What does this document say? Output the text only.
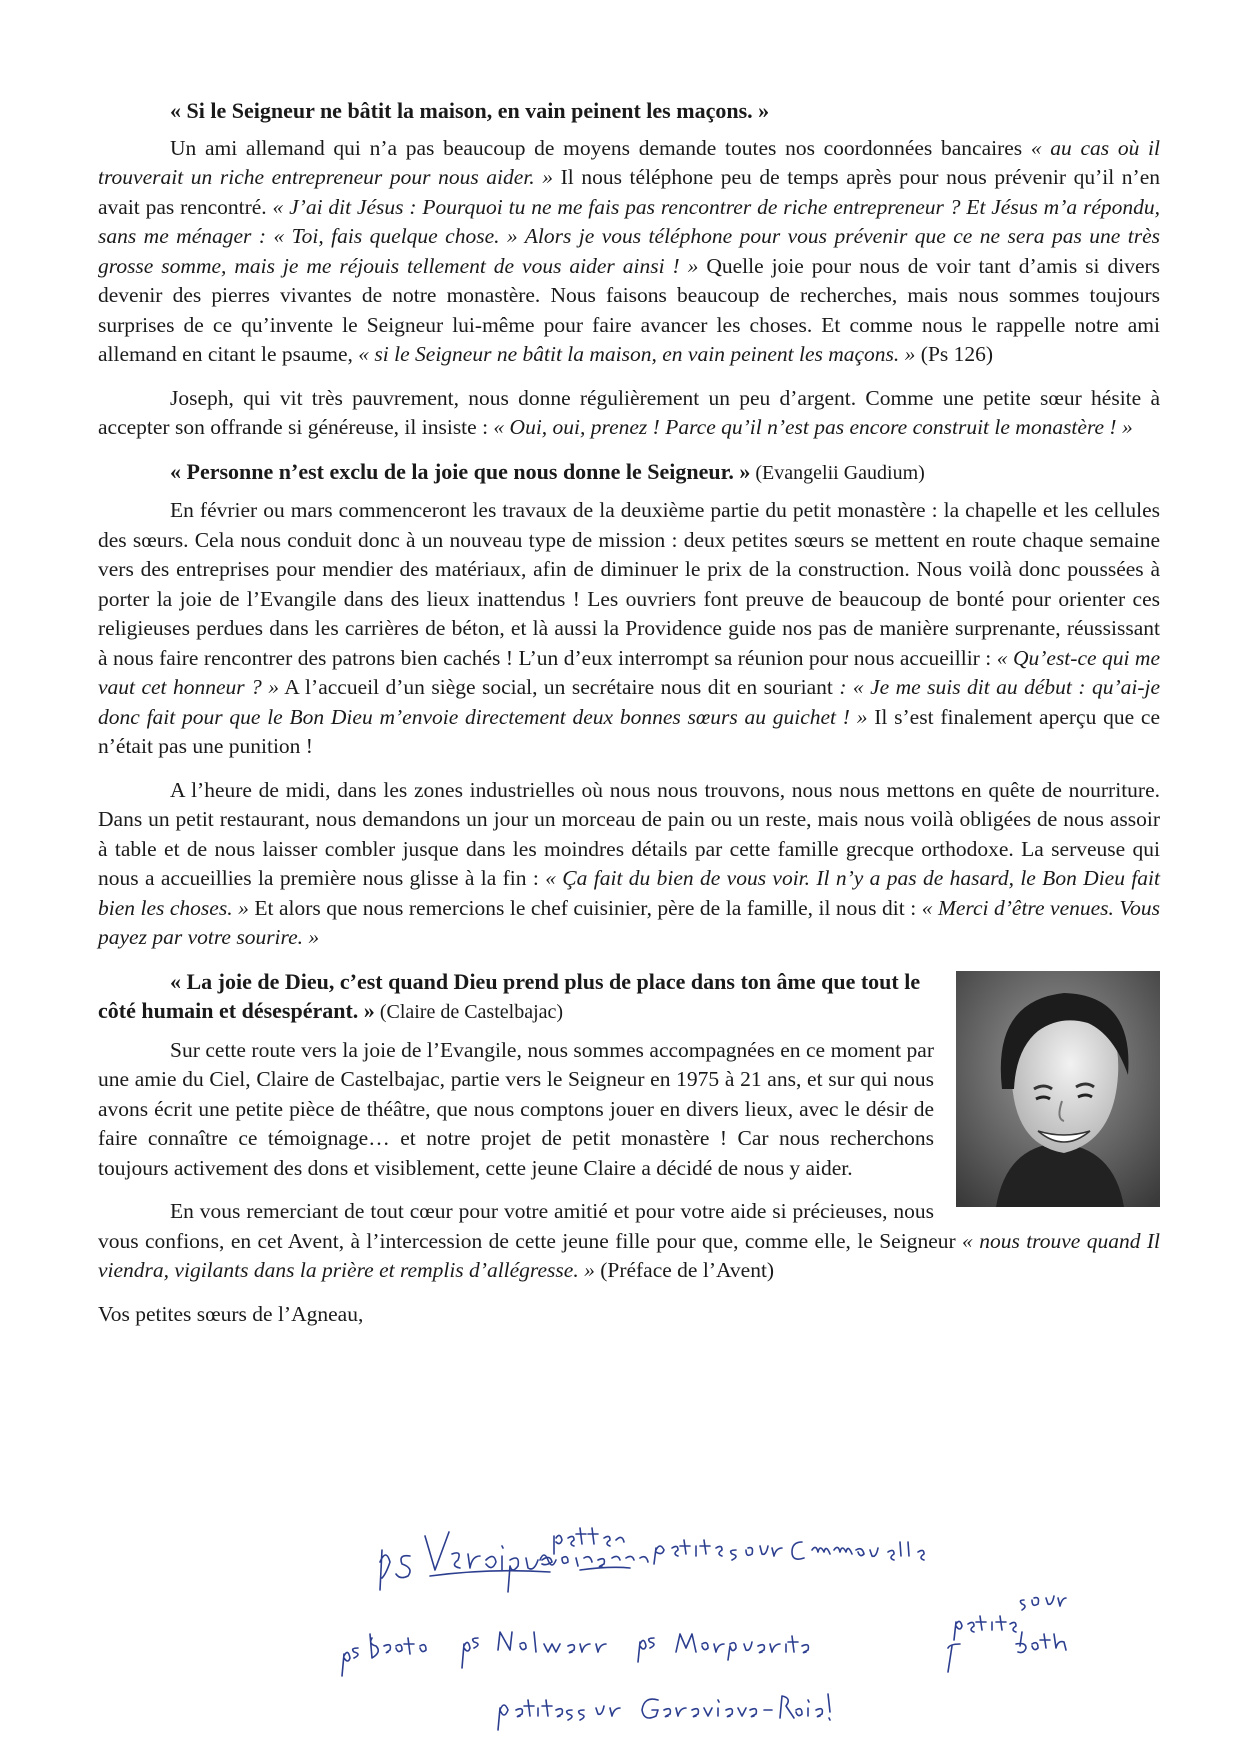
« Si le Seigneur ne bâtit la maison, en vain peinent les maçons. »

Un ami allemand qui n’a pas beaucoup de moyens demande toutes nos coordonnées bancaires « au cas où il trouverait un riche entrepreneur pour nous aider. » Il nous téléphone peu de temps après pour nous prévenir qu’il n’en avait pas rencontré. « J’ai dit Jésus : Pourquoi tu ne me fais pas rencontrer de riche entrepreneur ? Et Jésus m’a répondu, sans me ménager : « Toi, fais quelque chose. » Alors je vous téléphone pour vous prévenir que ce ne sera pas une très grosse somme, mais je me réjouis tellement de vous aider ainsi ! » Quelle joie pour nous de voir tant d’amis si divers devenir des pierres vivantes de notre monastère. Nous faisons beaucoup de recherches, mais nous sommes toujours surprises de ce qu’invente le Seigneur lui-même pour faire avancer les choses. Et comme nous le rappelle notre ami allemand en citant le psaume, « si le Seigneur ne bâtit la maison, en vain peinent les maçons. » (Ps 126)

Joseph, qui vit très pauvrement, nous donne régulièrement un peu d’argent. Comme une petite sœur hésite à accepter son offrande si généreuse, il insiste : « Oui, oui, prenez ! Parce qu’il n’est pas encore construit le monastère ! »

« Personne n’est exclu de la joie que nous donne le Seigneur. » (Evangelii Gaudium)

En février ou mars commenceront les travaux de la deuxième partie du petit monastère : la chapelle et les cellules des sœurs. Cela nous conduit donc à un nouveau type de mission : deux petites sœurs se mettent en route chaque semaine vers des entreprises pour mendier des matériaux, afin de diminuer le prix de la construction. Nous voilà donc poussées à porter la joie de l’Evangile dans des lieux inattendus ! Les ouvriers font preuve de beaucoup de bonté pour orienter ces religieuses perdues dans les carrières de béton, et là aussi la Providence guide nos pas de manière surprenante, réussissant à nous faire rencontrer des patrons bien cachés ! L’un d’eux interrompt sa réunion pour nous accueillir : « Qu’est-ce qui me vaut cet honneur ? » A l’accueil d’un siège social, un secrétaire nous dit en souriant : « Je me suis dit au début : qu’ai-je donc fait pour que le Bon Dieu m’envoie directement deux bonnes sœurs au guichet ! » Il s’est finalement aperçu que ce n’était pas une punition !

A l’heure de midi, dans les zones industrielles où nous nous trouvons, nous nous mettons en quête de nourriture. Dans un petit restaurant, nous demandons un jour un morceau de pain ou un reste, mais nous voilà obligées de nous assoir à table et de nous laisser combler jusque dans les moindres détails par cette famille grecque orthodoxe. La serveuse qui nous a accueillies la première nous glisse à la fin : « Ça fait du bien de vous voir. Il n’y a pas de hasard, le Bon Dieu fait bien les choses. » Et alors que nous remercions le chef cuisinier, père de la famille, il nous dit : « Merci d’être venues. Vous payez par votre sourire. »

« La joie de Dieu, c’est quand Dieu prend plus de place dans ton âme que tout le côté humain et désespérant. » (Claire de Castelbajac)

Sur cette route vers la joie de l’Evangile, nous sommes accompagnées en ce moment par une amie du Ciel, Claire de Castelbajac, partie vers le Seigneur en 1975 à 21 ans, et sur qui nous avons écrit une petite pièce de théâtre, que nous comptons jouer en divers lieux, avec le désir de faire connaître ce témoignage… et notre projet de petit monastère ! Car nous recherchons toujours activement des dons et visiblement, cette jeune Claire a décidé de nous y aider.

En vous remerciant de tout cœur pour votre amitié et pour votre aide si précieuses, nous vous confions, en cet Avent, à l’intercession de cette jeune fille pour que, comme elle, le Seigneur « nous trouve quand Il viendra, vigilants dans la prière et remplis d’allégresse. » (Préface de l’Avent)

Vos petites sœurs de l’Agneau,
